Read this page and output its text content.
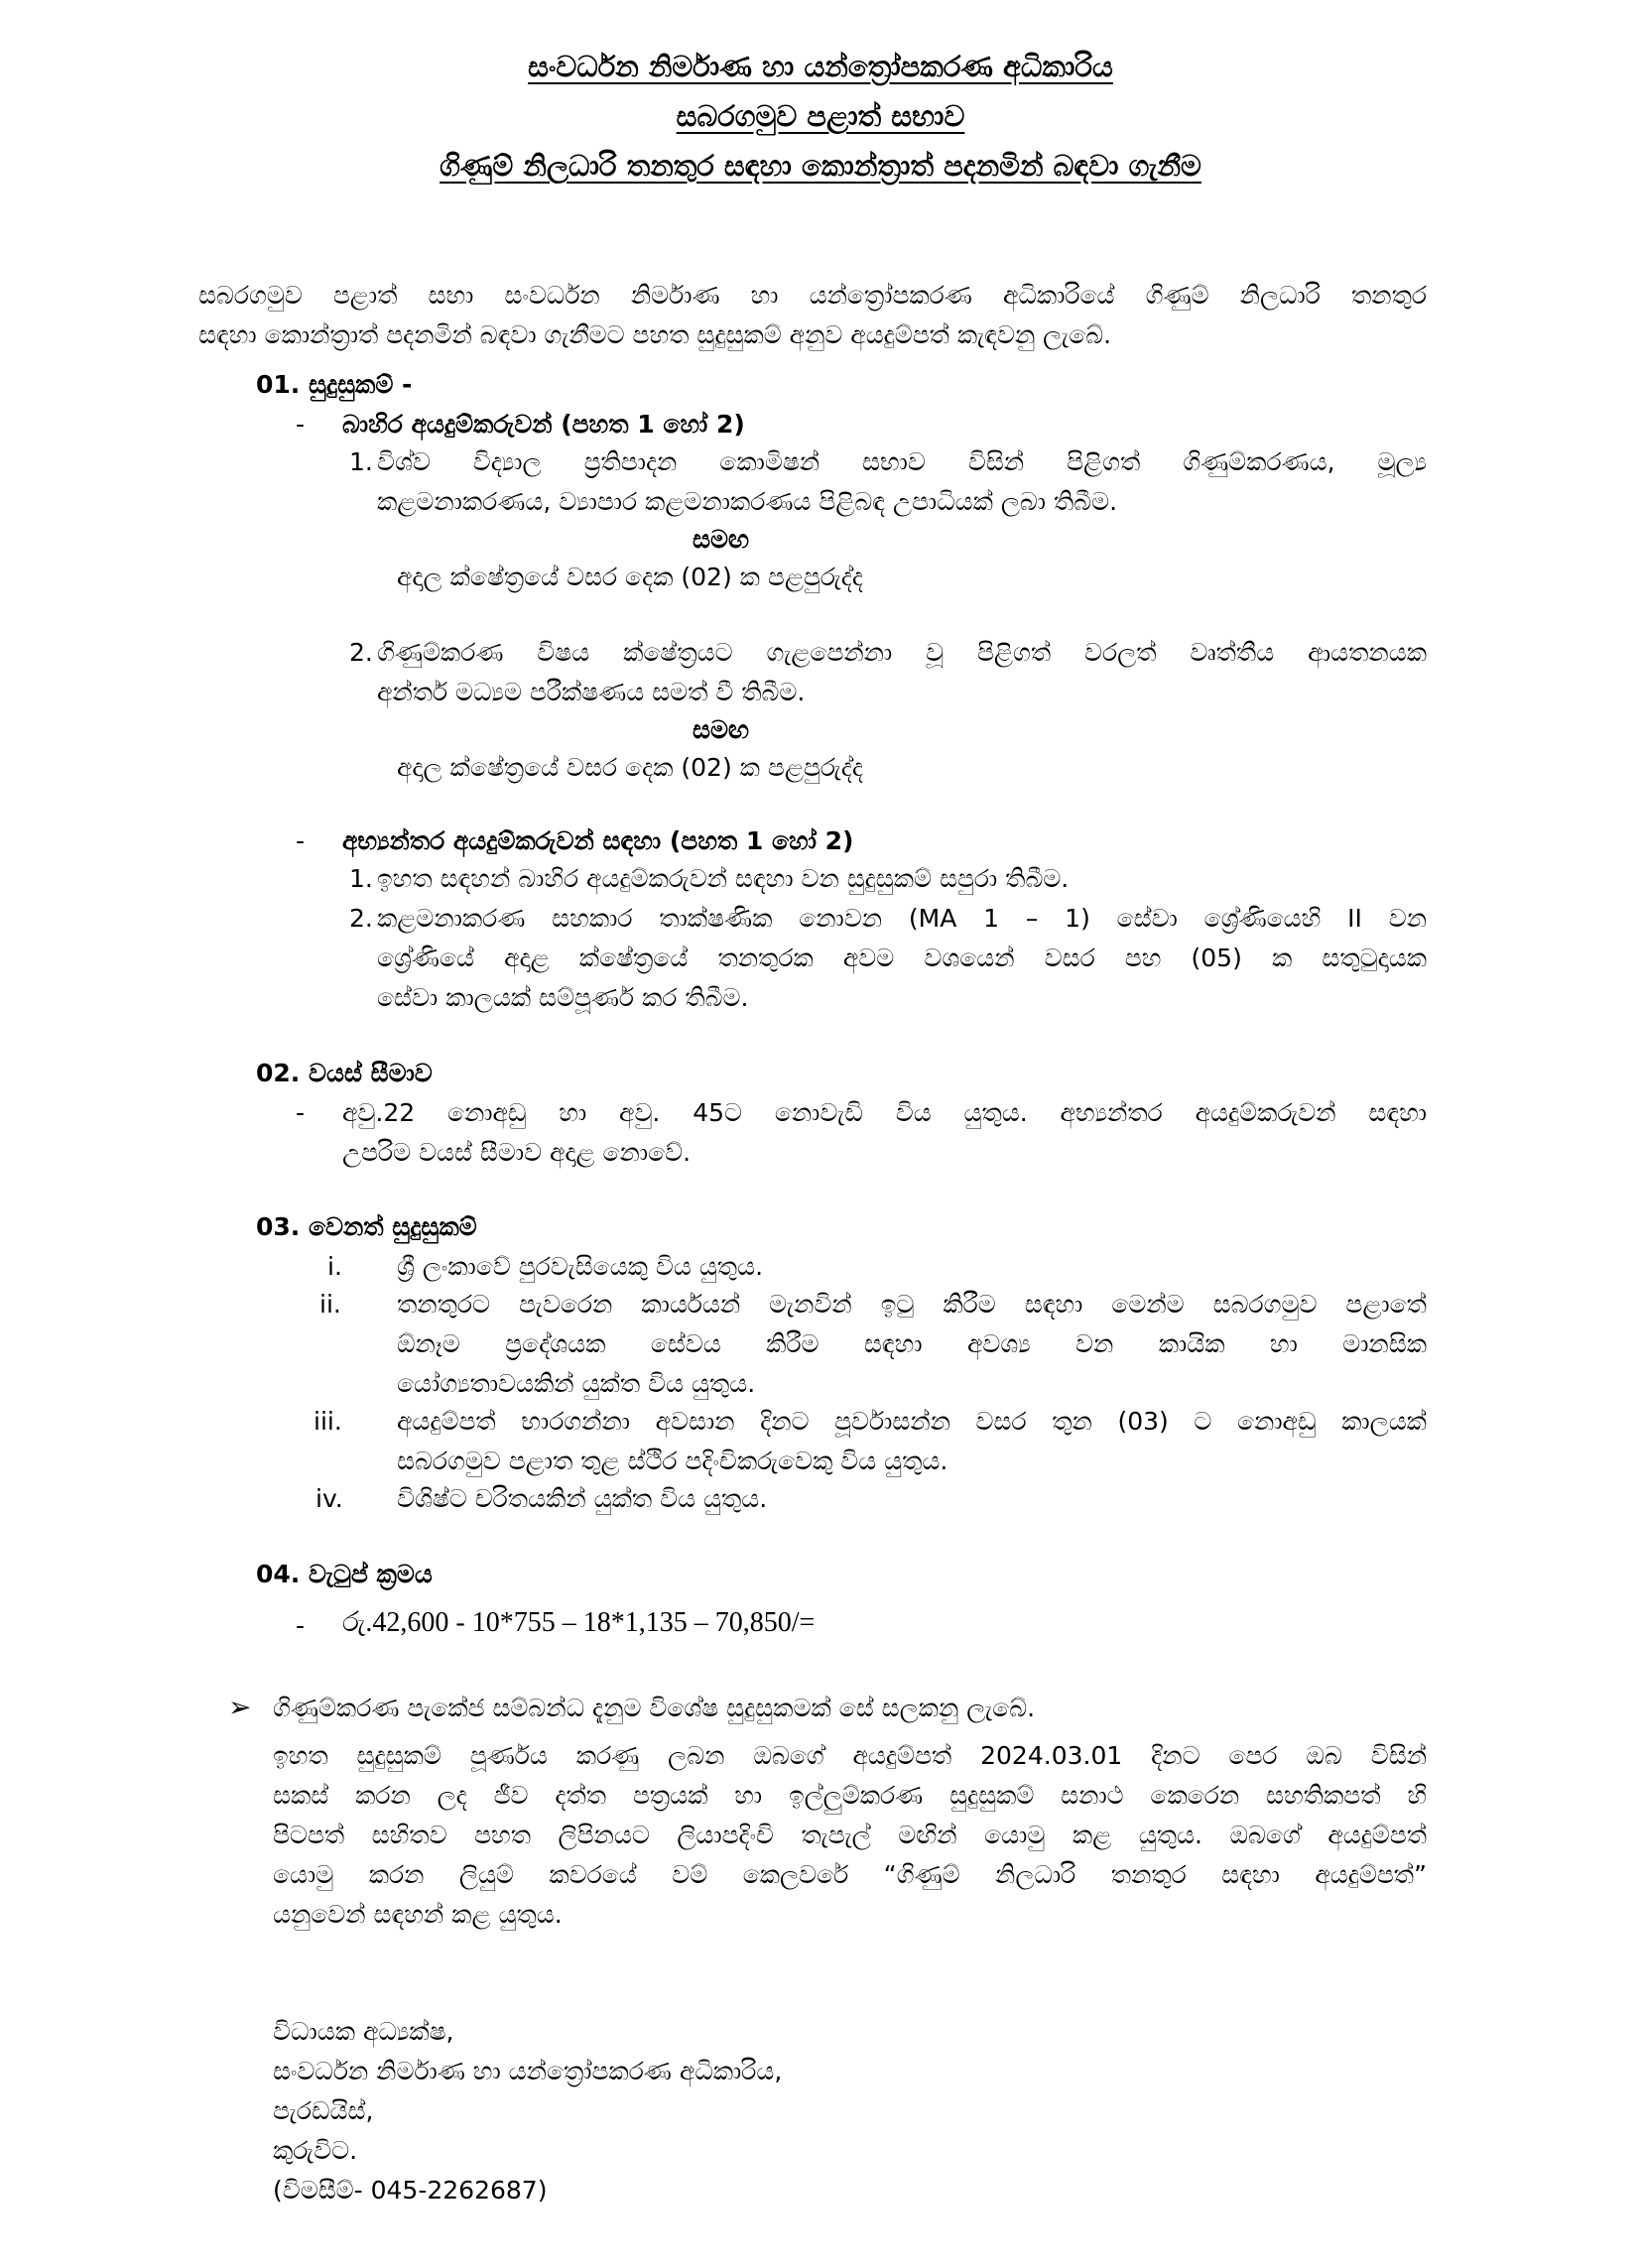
සංවර්ධන නිර්මාණ හා යන්ත්‍රෝපකරණ අධිකාරිය
සබරගමුව පළාත් සභාව
ගිණුම් නිලධාරි තනතුර සඳහා කොන්ත්‍රාත් පදනමින් බඳවා ගැනීම
සබරගමුව පළාත් සභා සංවර්ධන නිර්මාණ හා යන්ත්‍රෝපකරණ අධිකාරියේ ගිණුම් නිලධාරි තනතුර
සඳහා කොන්ත්‍රාත් පදනමින් බඳවා ගැනීමට පහත සුදුසුකම් අනුව අයදුම්පත් කැඳවනු ලැබේ.
01. සුදුසුකම් -
- බාහිර අයදුම්කරුවන් (පහත 1 හෝ 2)
1. විශ්ව විද්‍යාල ප්‍රතිපාදන කොමිෂන් සභාව විසින් පිළිගත් ගිණුම්කරණය, මූල්‍ය
කළමනාකරණය, ව්‍යාපාර කළමනාකරණය පිළිබඳ උපාධියක් ලබා තිබීම.
සමඟ
අදාල ක්ෂේත්‍රයේ වසර දෙක (02) ක පළපුරුද්ද
2. ගිණුම්කරණ විෂය ක්ෂේත්‍රයට ගැළපෙන්නා වූ පිළිගත් වරලත් වෘත්තීය ආයතනයක
අන්තර් මධ්‍යම පරීක්ෂණය සමත් වී තිබීම.
සමඟ
අදාල ක්ෂේත්‍රයේ වසර දෙක (02) ක පළපුරුද්ද
- අභ්‍යන්තර අයදුම්කරුවන් සඳහා (පහත 1 හෝ 2)
1. ඉහත සඳහන් බාහිර අයදුම්කරුවන් සඳහා වන සුදුසුකම් සපුරා තිබීම.
2. කළමනාකරණ සහකාර තාක්ෂණික නොවන (MA 1 – 1) සේවා ශ්‍රේණියෙහි II වන
ශ්‍රේණියේ අදාළ ක්ෂේත්‍රයේ තනතුරක අවම වශයෙන් වසර පහ (05) ක සතුටුදායක
සේවා කාලයක් සම්පූර්ණ කර තිබීම.
02. වයස් සීමාව
- අවු.22 නොඅඩු හා අවු. 45ට නොවැඩි විය යුතුය. අභ්‍යන්තර අයදුම්කරුවන් සඳහා
උපරිම වයස් සීමාව අදාළ නොවේ.
03. වෙනත් සුදුසුකම්
i. ශ්‍රී ලංකාවේ පුරවැසියෙකු විය යුතුය.
ii. තනතුරට පැවරෙන කාර්යයන් මැනවින් ඉටු කිරීම සඳහා මෙන්ම සබරගමුව පළාතේ
ඕනෑම ප්‍රදේශයක සේවය කිරීම සඳහා අවශ්‍ය වන කායික හා මානසික
යෝග්‍යතාවයකින් යුක්ත විය යුතුය.
iii. අයදුම්පත් භාරගන්නා අවසාන දිනට පූර්වාසන්න වසර තුන (03) ට නොඅඩු කාලයක්
සබරගමුව පළාත තුළ ස්ථිර පදිංචිකරුවෙකු විය යුතුය.
iv. විශිෂ්ට චරිතයකින් යුක්ත විය යුතුය.
04. වැටුප් ක්‍රමය
- රු.42,600 - 10*755 – 18*1,135 – 70,850/=
➢ ගිණුම්කරණ පැකේජ සම්බන්ධ දැනුම විශේෂ සුදුසුකමක් සේ සලකනු ලැබේ.
ඉහත සුදුසුකම් පූර්ණය කරණු ලබන ඔබගේ අයදුම්පත් 2024.03.01 දිනට පෙර ඔබ විසින්
සකස් කරන ලද ජීව දත්ත පත්‍රයක් හා ඉල්ලුම්කරණ සුදුසුකම් සනාථ කෙරෙන සහතිකපත් හි
පිටපත් සහිතව පහත ලිපිනයට ලියාපදිංචි තැපැල් මඟින් යොමු කළ යුතුය. ඔබගේ අයදුම්පත්
යොමු කරන ලියුම් කවරයේ වම් කෙලවරේ “ගිණුම් නිලධාරි තනතුර සඳහා අයදුම්පත්”
යනුවෙන් සඳහන් කළ යුතුය.
විධායක අධ්‍යක්ෂ,
සංවර්ධන නිර්මාණ හා යන්ත්‍රෝපකරණ අධිකාරිය,
පැරඩයිස්,
කුරුවිට.
(විමසීම්- 045-2262687)
